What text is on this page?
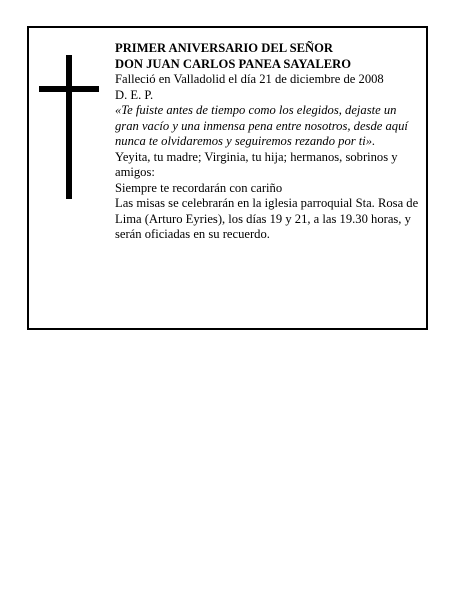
PRIMER ANIVERSARIO DEL SEÑOR

DON JUAN CARLOS PANEA SAYALERO

Falleció en Valladolid el día 21 de diciembre de 2008

D. E. P.

«Te fuiste antes de tiempo como los elegidos, dejaste un gran vacío y una inmensa pena entre nosotros, desde aquí nunca te olvidaremos y seguiremos rezando por ti».

Yeyita, tu madre; Virginia, tu hija; hermanos, sobrinos y amigos:

Siempre te recordarán con cariño

Las misas se celebrarán en la iglesia parroquial Sta. Rosa de Lima (Arturo Eyries), los días 19 y 21, a las 19.30 horas, y serán oficiadas en su recuerdo.
